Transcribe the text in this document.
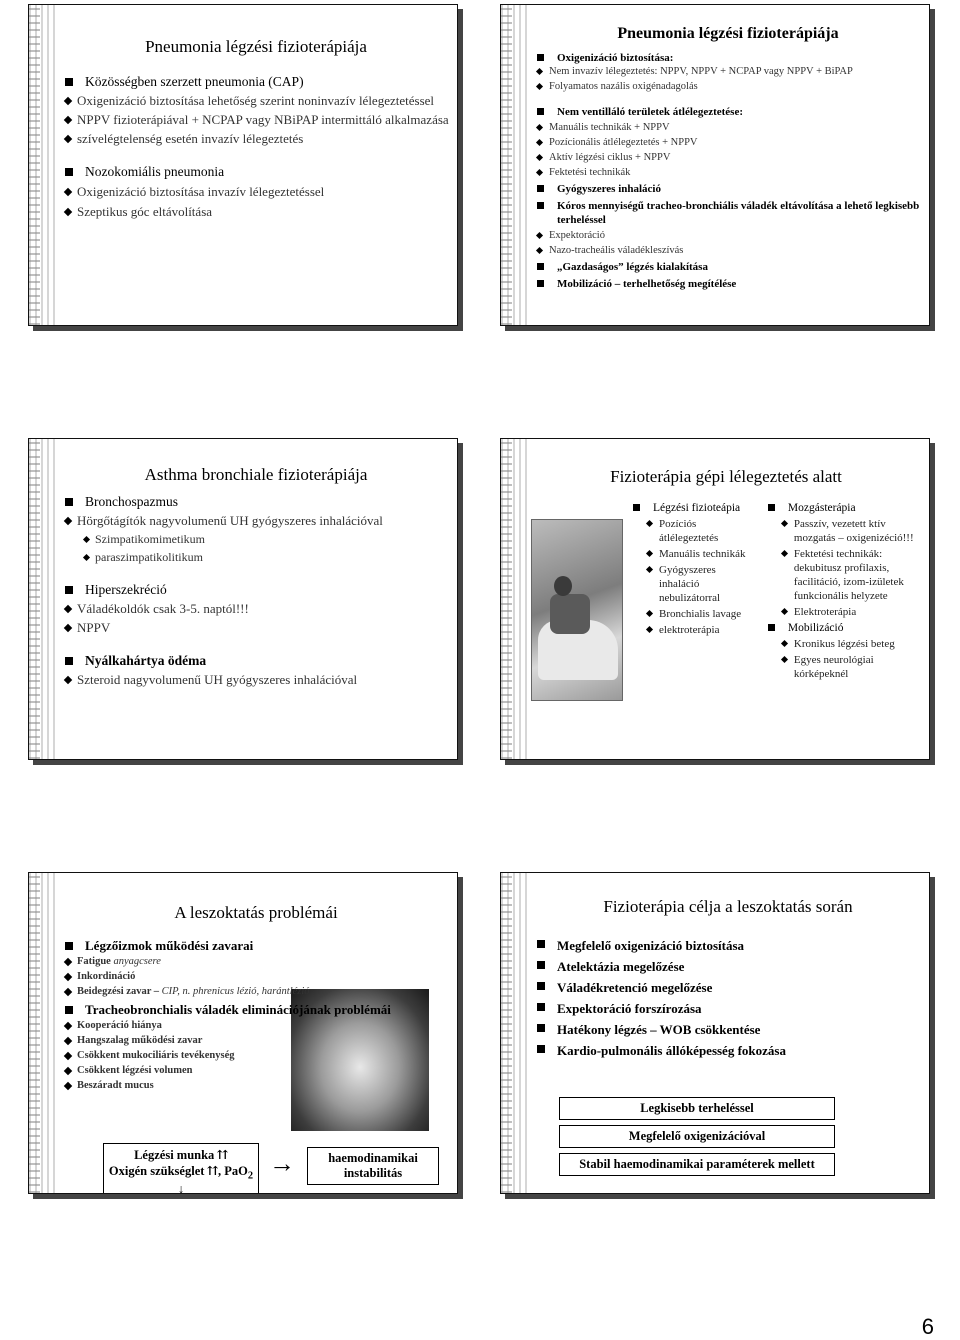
Pneumonia légzési fizioterápiája
Közösségben szerzett pneumonia (CAP)
Oxigenizáció biztosítása lehetőség szerint noninvazív lélegeztetéssel
NPPV fizioterápiával + NCPAP vagy NBiPAP intermittáló alkalmazása
szívelégtelenség esetén invazív lélegeztetés
Nozokomiális pneumonia
Oxigenizáció biztosítása invazív lélegeztetéssel
Szeptikus góc eltávolítása
Pneumonia légzési fizioterápiája
Oxigenizáció biztosítása:
Nem invazív lélegeztetés: NPPV, NPPV + NCPAP vagy NPPV + BiPAP
Folyamatos nazális oxigénadagolás
Nem ventilláló területek átlélegeztetése:
Manuális technikák + NPPV
Pozícionális átlélegeztetés + NPPV
Aktív légzési ciklus + NPPV
Fektetési technikák
Gyógyszeres inhaláció
Kóros mennyiségű tracheo-bronchiális váladék eltávolítása a lehető legkisebb terheléssel
Expektoráció
Nazo-tracheális váladékleszívás
„Gazdaságos” légzés kialakítása
Mobilizáció – terhelhetőség megítélése
Asthma bronchiale fizioterápiája
Bronchospazmus
Hörgőtágítók nagyvolumenű UH gyógyszeres inhalációval
Szimpatikomimetikum
paraszimpatikolitikum
Hiperszekréció
Váladékoldók csak 3-5. naptól!!!
NPPV
Nyálkahártya ödéma
Szteroid nagyvolumenű UH gyógyszeres inhalációval
Fizioterápia gépi lélegeztetés alatt
Légzési fizioteápia
Pozíciós átlélegeztetés
Manuális technikák
Gyógyszeres inhaláció nebulizátorral
Bronchialis lavage
elektroterápia
Mozgásterápia
Passzív, vezetett ktív mozgatás – oxigenizéció!!!
Fektetési technikák: dekubitusz profilaxis, facilitáció, izom-izületek funkcionális helyzete
Elektroterápia
Mobilizáció
Kronikus légzési beteg
Egyes neurológiai kórképeknél
A leszoktatás problémái
Légzőizmok működési zavarai
Fatigue anyagcsere
Inkordináció
Beidegzési zavar – CIP, n. phrenicus lézió, harántlézió
Tracheobronchialis váladék eliminációjának problémái
Kooperáció hiánya
Hangszalag működési zavar
Csökkent mukociliáris tevékenység
Csökkent légzési volumen
Beszáradt mucus
Légzési munka ⇈
Oxigén szükséglet ⇈, PaO$_2$ ↓
→	haemodinamikai instabilitás
Fizioterápia célja a leszoktatás során
Megfelelő oxigenizáció biztosítása
Atelektázia megelőzése
Váladékretenció megelőzése
Expektoráció forszírozása
Hatékony légzés – WOB csökkentése
Kardio-pulmonális állóképesség fokozása
Legkisebb terheléssel
Megfelelő oxigenizációval
Stabil haemodinamikai paraméterek mellett
6
